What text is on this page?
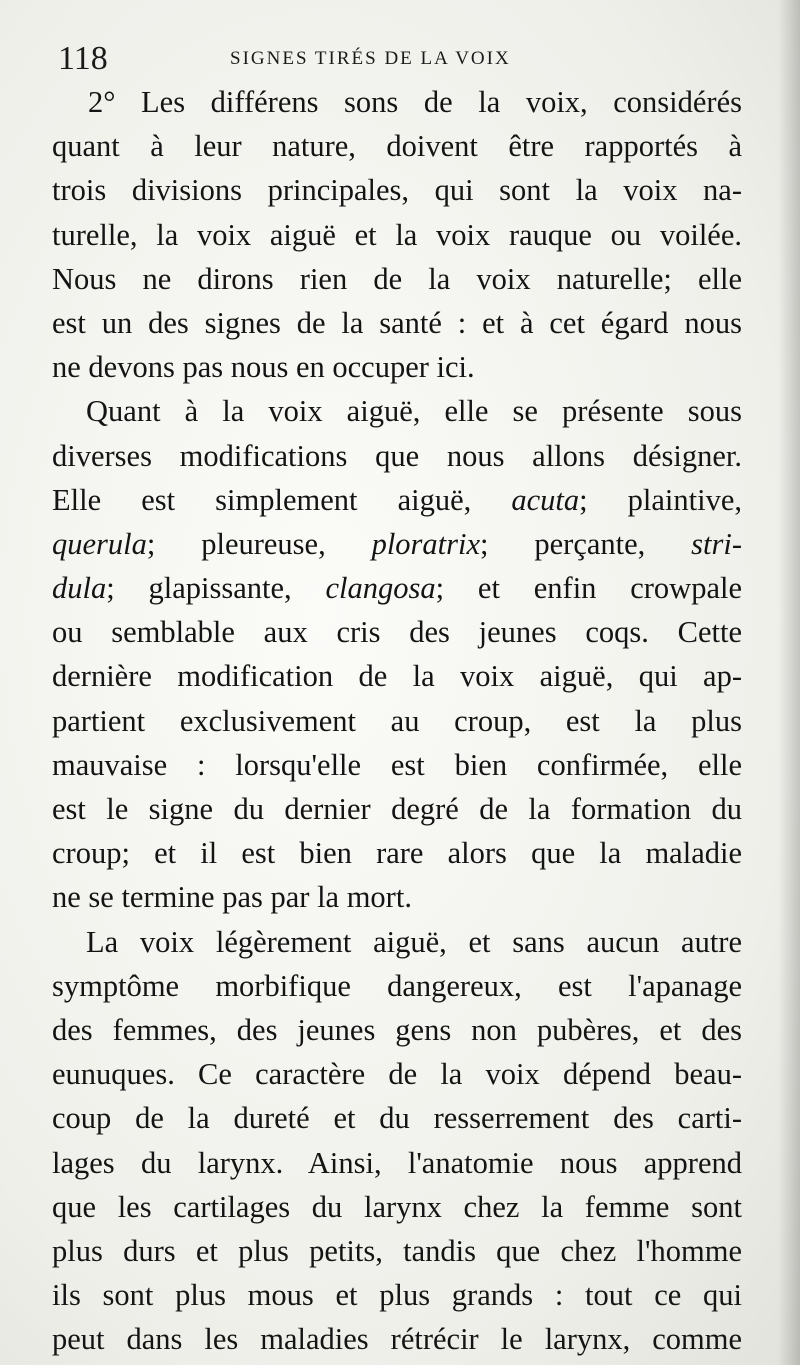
118	SIGNES TIRÉS DE LA VOIX
2° Les différens sons de la voix, considérés
quant à leur nature, doivent être rapportés à
trois divisions principales, qui sont la voix na-
turelle, la voix aiguë et la voix rauque ou voilée.
Nous ne dirons rien de la voix naturelle; elle
est un des signes de la santé : et à cet égard nous
ne devons pas nous en occuper ici.
Quant à la voix aiguë, elle se présente sous
diverses modifications que nous allons désigner.
Elle est simplement aiguë, acuta; plaintive,
querula; pleureuse, ploratrix; perçante, stri-
dula; glapissante, clangosa; et enfin crowpale
ou semblable aux cris des jeunes coqs. Cette
dernière modification de la voix aiguë, qui ap-
partient exclusivement au croup, est la plus
mauvaise : lorsqu'elle est bien confirmée, elle
est le signe du dernier degré de la formation du
croup; et il est bien rare alors que la maladie
ne se termine pas par la mort.
La voix légèrement aiguë, et sans aucun autre
symptôme morbifique dangereux, est l'apanage
des femmes, des jeunes gens non pubères, et des
eunuques. Ce caractère de la voix dépend beau-
coup de la dureté et du resserrement des carti-
lages du larynx. Ainsi, l'anatomie nous apprend
que les cartilages du larynx chez la femme sont
plus durs et plus petits, tandis que chez l'homme
ils sont plus mous et plus grands : tout ce qui
peut dans les maladies rétrécir le larynx, comme
